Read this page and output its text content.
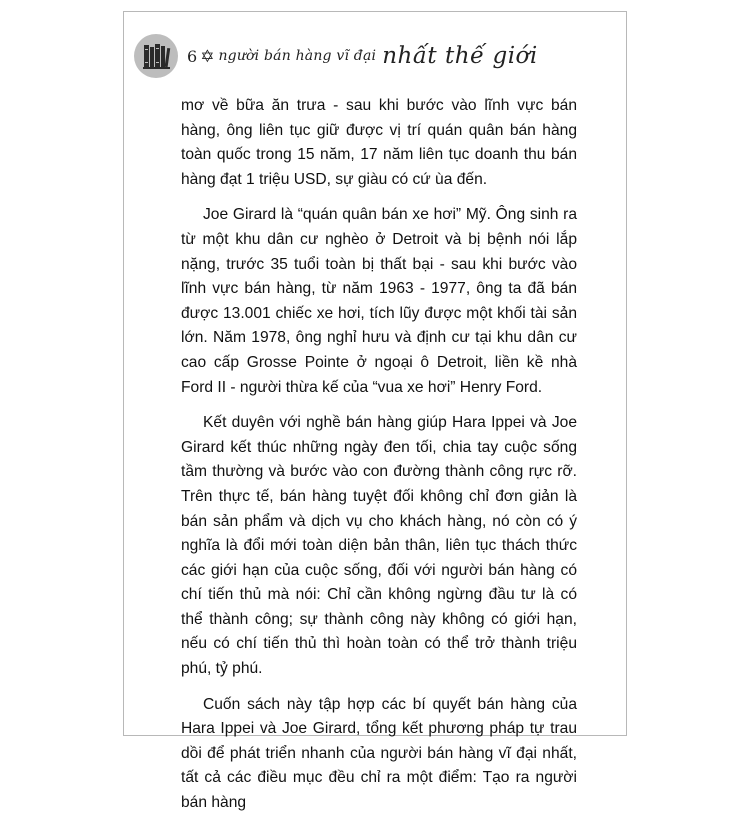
6 ✡ người bán hàng vĩ đại nhất thế giới

mơ về bữa ăn trưa - sau khi bước vào lĩnh vực bán hàng, ông liên tục giữ được vị trí quán quân bán hàng toàn quốc trong 15 năm, 17 năm liên tục doanh thu bán hàng đạt 1 triệu USD, sự giàu có cứ ùa đến.

Joe Girard là “quán quân bán xe hơi” Mỹ. Ông sinh ra từ một khu dân cư nghèo ở Detroit và bị bệnh nói lắp nặng, trước 35 tuổi toàn bị thất bại - sau khi bước vào lĩnh vực bán hàng, từ năm 1963 - 1977, ông ta đã bán được 13.001 chiếc xe hơi, tích lũy được một khối tài sản lớn. Năm 1978, ông nghỉ hưu và định cư tại khu dân cư cao cấp Grosse Pointe ở ngoại ô Detroit, liền kề nhà Ford II - người thừa kế của “vua xe hơi” Henry Ford.

Kết duyên với nghề bán hàng giúp Hara Ippei và Joe Girard kết thúc những ngày đen tối, chia tay cuộc sống tầm thường và bước vào con đường thành công rực rỡ. Trên thực tế, bán hàng tuyệt đối không chỉ đơn giản là bán sản phẩm và dịch vụ cho khách hàng, nó còn có ý nghĩa là đổi mới toàn diện bản thân, liên tục thách thức các giới hạn của cuộc sống, đối với người bán hàng có chí tiến thủ mà nói: Chỉ cần không ngừng đầu tư là có thể thành công; sự thành công này không có giới hạn, nếu có chí tiến thủ thì hoàn toàn có thể trở thành triệu phú, tỷ phú.

Cuốn sách này tập hợp các bí quyết bán hàng của Hara Ippei và Joe Girard, tổng kết phương pháp tự trau dồi để phát triển nhanh của người bán hàng vĩ đại nhất, tất cả các điều mục đều chỉ ra một điểm: Tạo ra người bán hàng
